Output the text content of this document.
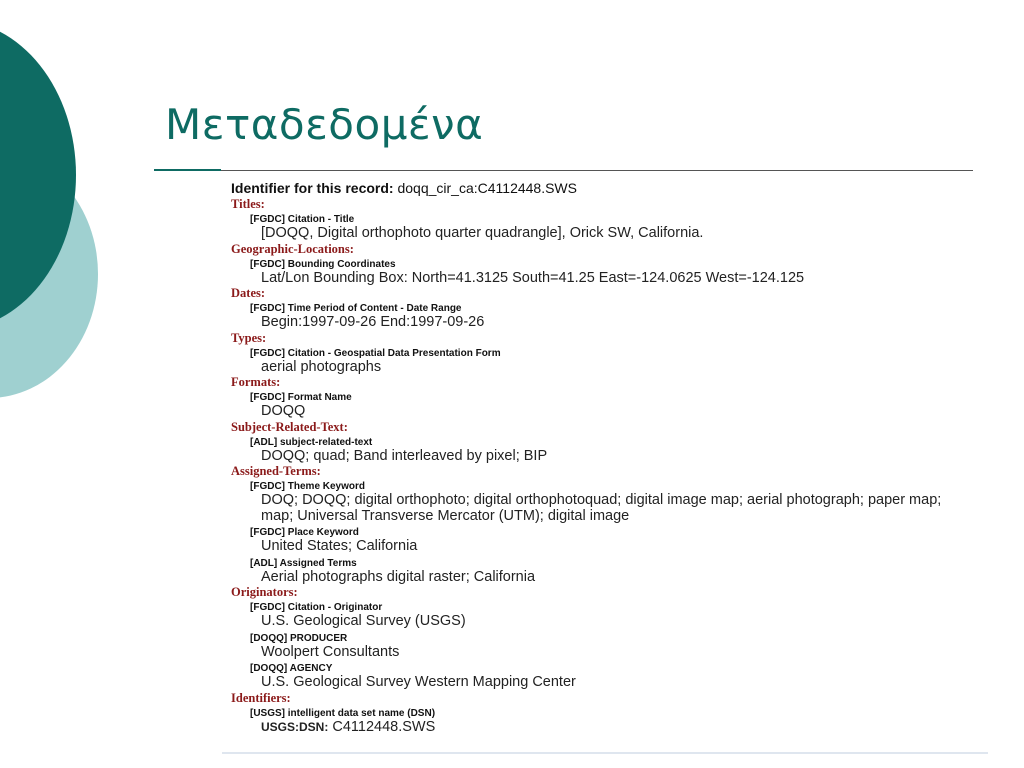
Μεταδεδομένα
Identifier for this record: doqq_cir_ca:C4112448.SWS
Titles:
[FGDC] Citation - Title
[DOQQ, Digital orthophoto quarter quadrangle], Orick SW, California.
Geographic-Locations:
[FGDC] Bounding Coordinates
Lat/Lon Bounding Box: North=41.3125 South=41.25 East=-124.0625 West=-124.125
Dates:
[FGDC] Time Period of Content - Date Range
Begin:1997-09-26 End:1997-09-26
Types:
[FGDC] Citation - Geospatial Data Presentation Form
aerial photographs
Formats:
[FGDC] Format Name
DOQQ
Subject-Related-Text:
[ADL] subject-related-text
DOQQ; quad; Band interleaved by pixel; BIP
Assigned-Terms:
[FGDC] Theme Keyword
DOQ; DOQQ; digital orthophoto; digital orthophotoquad; digital image map; aerial photograph; paper map; map; Universal Transverse Mercator (UTM); digital image
[FGDC] Place Keyword
United States; California
[ADL] Assigned Terms
Aerial photographs digital raster; California
Originators:
[FGDC] Citation - Originator
U.S. Geological Survey (USGS)
[DOQQ] PRODUCER
Woolpert Consultants
[DOQQ] AGENCY
U.S. Geological Survey Western Mapping Center
Identifiers:
[USGS] intelligent data set name (DSN)
USGS:DSN: C4112448.SWS
